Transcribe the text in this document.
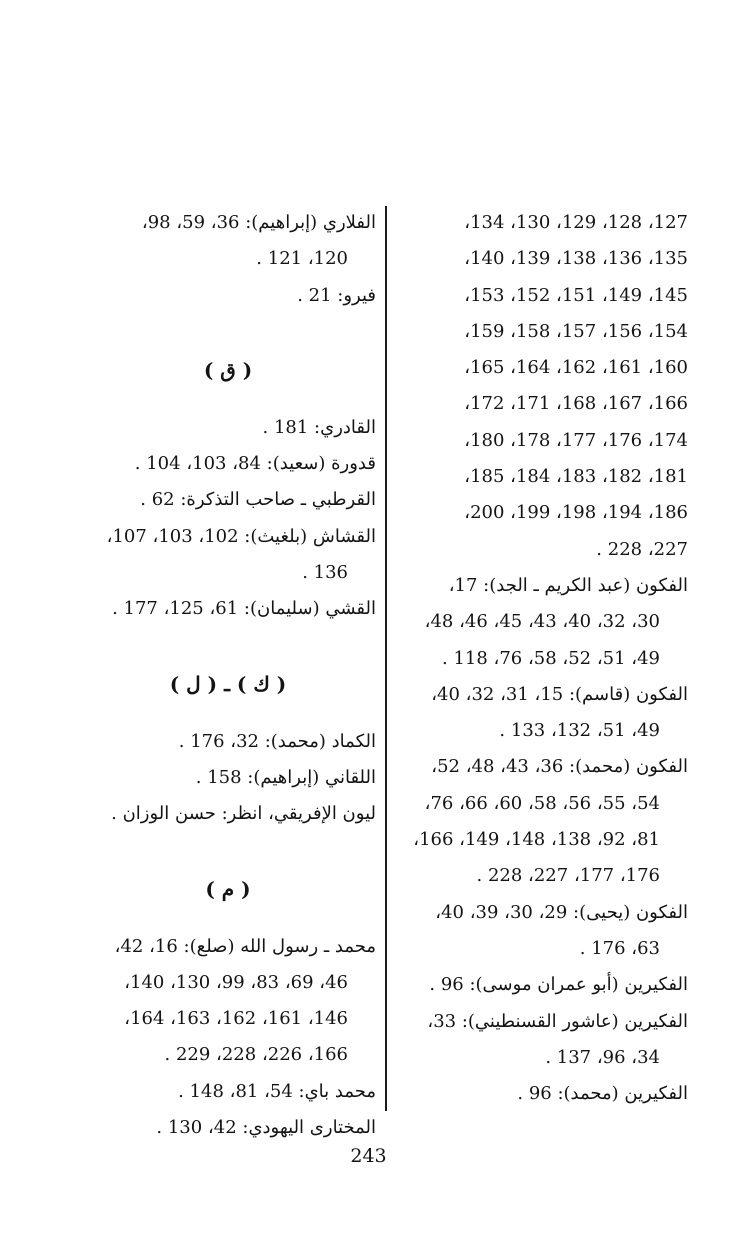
127، 128، 129، 130، 134،
135، 136، 138، 139، 140،
145، 149، 151، 152، 153،
154، 156، 157، 158، 159،
160، 161، 162، 164، 165،
166، 167، 168، 171، 172،
174، 176، 177، 178، 180،
181، 182، 183، 184، 185،
186، 194، 198، 199، 200،
227، 228 .
الفكون (عبد الكريم ـ الجد): 17،
30، 32، 40، 43، 45، 46، 48،
49، 51، 52، 58، 76، 118 .
الفكون (قاسم): 15، 31، 32، 40،
49، 51، 132، 133 .
الفكون (محمد): 36، 43، 48، 52،
54، 55، 56، 58، 60، 66، 76،
81، 92، 138، 148، 149، 166،
176، 177، 227، 228 .
الفكون (يحيى): 29، 30، 39، 40،
63، 176 .
الفكيرين (أبو عمران موسى): 96 .
الفكيرين (عاشور القسنطيني): 33،
34، 96، 137 .
الفكيرين (محمد): 96 .
الفلاري (إبراهيم): 36، 59، 98،
120، 121 .
فيرو: 21 .
( ق )
القادري: 181 .
قدورة (سعيد): 84، 103، 104 .
القرطبي ـ صاحب التذكرة: 62 .
القشاش (بلغيث): 102، 103، 107،
136 .
القشي (سليمان): 61، 125، 177 .
( ك ) ـ ( ل )
الكماد (محمد): 32، 176 .
اللقاني (إبراهيم): 158 .
ليون الإفريقي، انظر: حسن الوزان .
( م )
محمد ـ رسول الله (صلع): 16، 42،
46، 69، 83، 99، 130، 140،
146، 161، 162، 163، 164،
166، 226، 228، 229 .
محمد باي: 54، 81، 148 .
المختارى اليهودي: 42، 130 .
243
